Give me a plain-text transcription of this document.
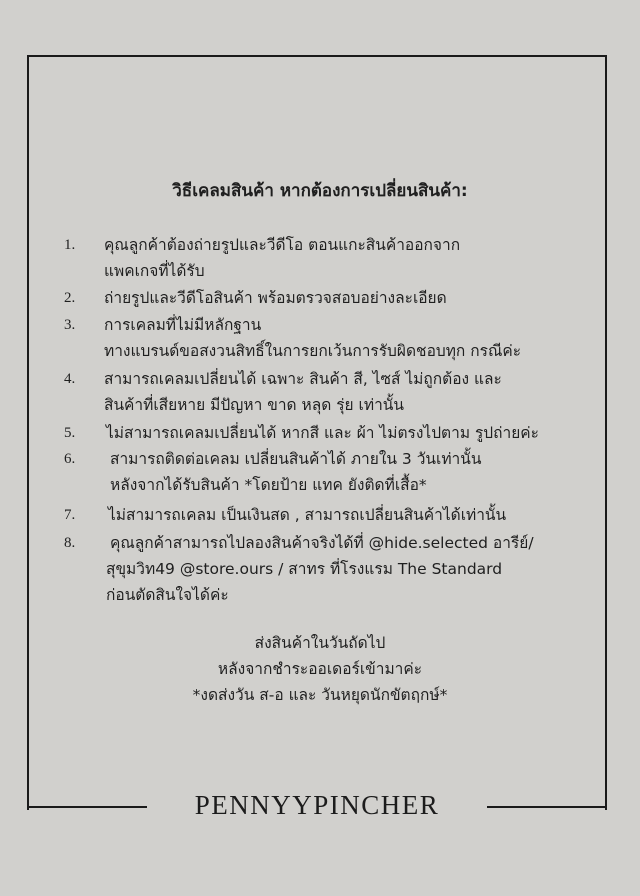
วิธีเคลมสินค้า หากต้องการเปลี่ยนสินค้า:
1. คุณลูกค้าต้องถ่ายรูปและวีดีโอ ตอนแกะสินค้าออกจาก
แพคเกจที่ได้รับ
2. ถ่ายรูปและวีดีโอสินค้า พร้อมตรวจสอบอย่างละเอียด
3. การเคลมที่ไม่มีหลักฐาน
ทางแบรนด์ขอสงวนสิทธิ์ในการยกเว้นการรับผิดชอบทุก กรณีค่ะ
4. สามารถเคลมเปลี่ยนได้ เฉพาะ สินค้า สี, ไซส์ ไม่ถูกต้อง และ
สินค้าที่เสียหาย มีปัญหา ขาด หลุด รุ่ย เท่านั้น
5. ไม่สามารถเคลมเปลี่ยนได้ หากสี และ ผ้า ไม่ตรงไปตาม รูปถ่ายค่ะ
6. สามารถติดต่อเคลม เปลี่ยนสินค้าได้ ภายใน 3 วันเท่านั้น
หลังจากได้รับสินค้า *โดยป้าย แทค ยังติดที่เสื้อ*
7. ไม่สามารถเคลม เป็นเงินสด , สามารถเปลี่ยนสินค้าได้เท่านั้น
8. คุณลูกค้าสามารถไปลองสินค้าจริงได้ที่ @hide.selected อารีย์/
สุขุมวิท49 @store.ours / สาทร ที่โรงแรม The Standard
ก่อนตัดสินใจได้ค่ะ
ส่งสินค้าในวันถัดไป
หลังจากชำระออเดอร์เข้ามาค่ะ
*งดส่งวัน ส-อ และ วันหยุดนักขัตฤกษ์*
PENNYYPINCHER
